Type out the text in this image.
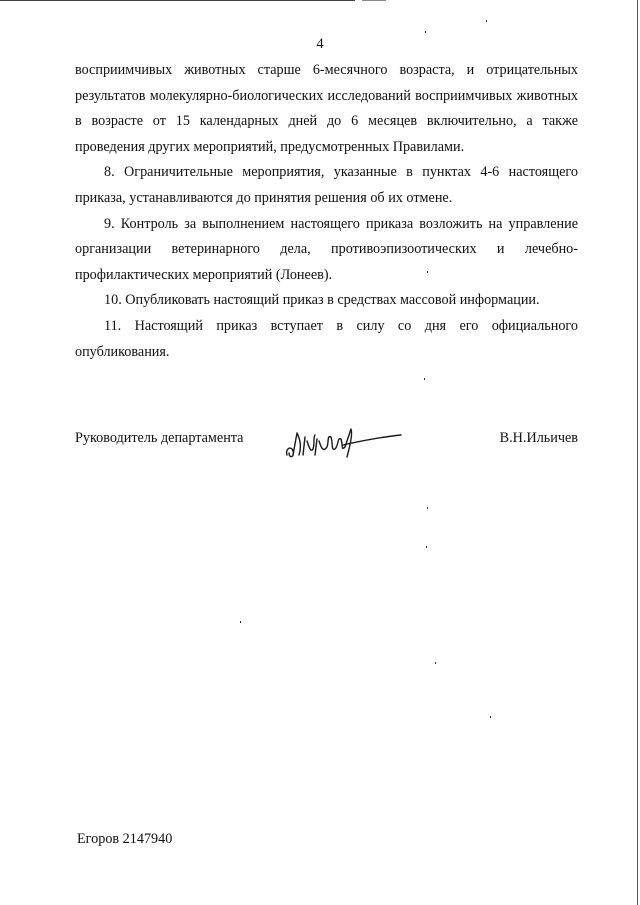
4

восприимчивых животных старше 6-месячного возраста, и отрицательных результатов молекулярно-биологических исследований восприимчивых животных в возрасте от 15 календарных дней до 6 месяцев включительно, а также проведения других мероприятий, предусмотренных Правилами.

8. Ограничительные мероприятия, указанные в пунктах 4-6 настоящего приказа, устанавливаются до принятия решения об их отмене.

9. Контроль за выполнением настоящего приказа возложить на управление организации ветеринарного дела, противоэпизоотических и лечебно-профилактических мероприятий (Лонеев).

10. Опубликовать настоящий приказ в средствах массовой информации.

11. Настоящий приказ вступает в силу со дня его официального опубликования.

Руководитель департамента	В.Н.Ильичев
Егоров 2147940
